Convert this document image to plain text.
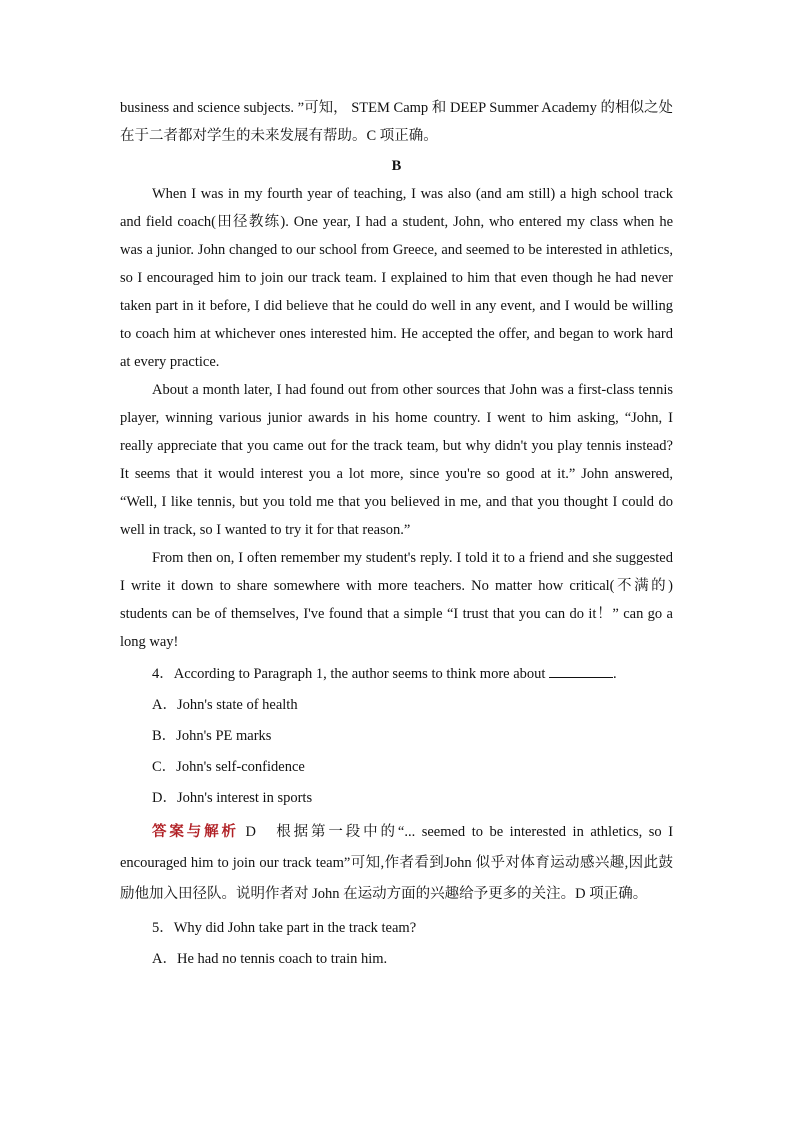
business and science subjects. ”可知， STEM Camp 和 DEEP Summer Academy 的相似之处在于二者都对学生的未来发展有帮助。C 项正确。

B

When I was in my fourth year of teaching, I was also (and am still) a high school track and field coach(田径教练). One year, I had a student, John, who entered my class when he was a junior. John changed to our school from Greece, and seemed to be interested in athletics, so I encouraged him to join our track team. I explained to him that even though he had never taken part in it before, I did believe that he could do well in any event, and I would be willing to coach him at whichever ones interested him. He accepted the offer, and began to work hard at every practice.

About a month later, I had found out from other sources that John was a first-class tennis player, winning various junior awards in his home country. I went to him asking, “John, I really appreciate that you came out for the track team, but why didn't you play tennis instead? It seems that it would interest you a lot more, since you're so good at it.” John answered, “Well, I like tennis, but you told me that you believed in me, and that you thought I could do well in track, so I wanted to try it for that reason.”

From then on, I often remember my student's reply. I told it to a friend and she suggested I write it down to share somewhere with more teachers. No matter how critical(不满的) students can be of themselves, I've found that a simple “I trust that you can do it！” can go a long way!

4．According to Paragraph 1, the author seems to think more about	.

A．John's state of health

B．John's PE marks

C．John's self-confidence

D．John's interest in sports

答案与解析 D　根据第一段中的“... seemed to be interested in athletics, so I encouraged him to join our track team”可知,作者看到John 似乎对体育运动感兴趣,因此鼓励他加入田径队。说明作者对 John 在运动方面的兴趣给予更多的关注。D 项正确。

5．Why did John take part in the track team?

A．He had no tennis coach to train him.
